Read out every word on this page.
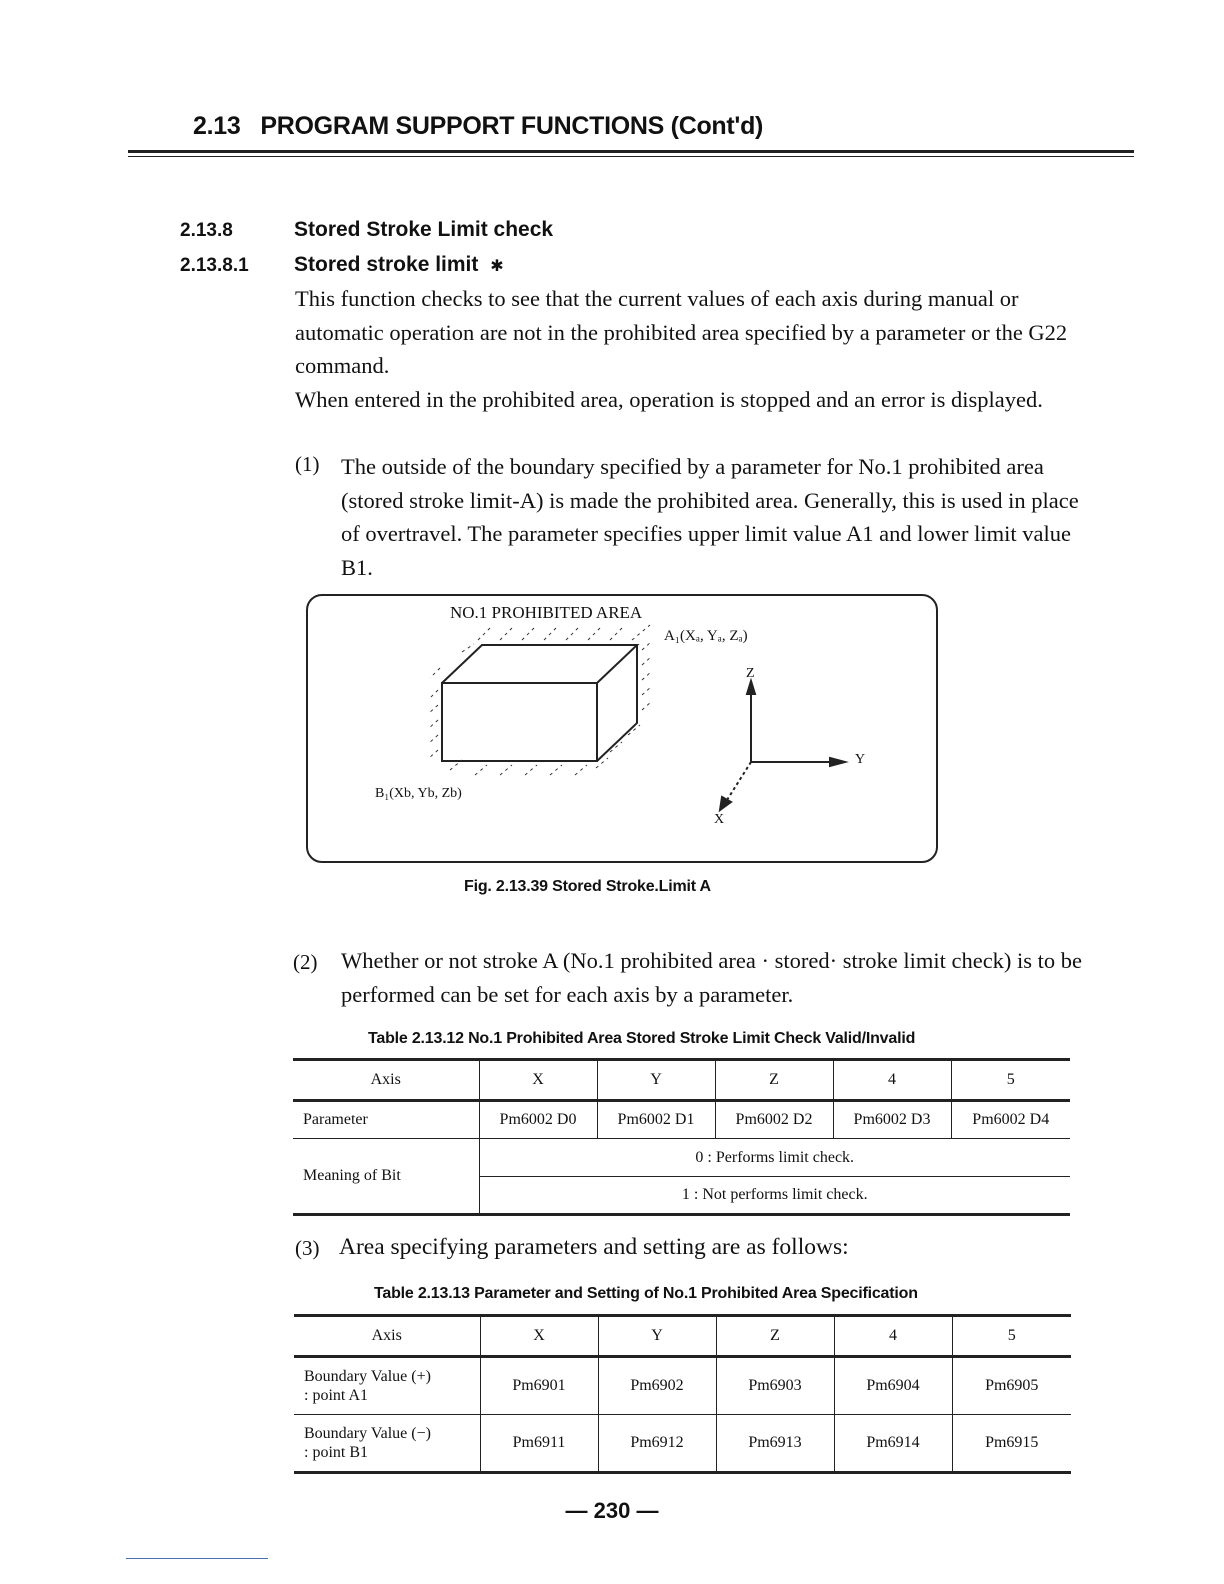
2.13 PROGRAM SUPPORT FUNCTIONS (Cont'd)
2.13.8	Stored Stroke Limit check
2.13.8.1 Stored stroke limit ✱
This function checks to see that the current values of each axis during manual or automatic operation are not in the prohibited area specified by a parameter or the G22 command.
When entered in the prohibited area, operation is stopped and an error is displayed.
(1) The outside of the boundary specified by a parameter for No.1 prohibited area (stored stroke limit-A) is made the prohibited area. Generally, this is used in place of overtravel. The parameter specifies upper limit value A1 and lower limit value B1.
NO.1 PROHIBITED AREA
A₁(Xₐ, Yₐ, Zₐ)
B₁(Xb, Yb, Zb)
Z
Y
X
Fig. 2.13.39 Stored Stroke.Limit A
(2) Whether or not stroke A (No.1 prohibited area · stored· stroke limit check) is to be performed can be set for each axis by a parameter.
Table 2.13.12 No.1 Prohibited Area Stored Stroke Limit Check Valid/Invalid
Axis	X	Y	Z	4	5
Parameter	Pm6002 D0	Pm6002 D1	Pm6002 D2	Pm6002 D3	Pm6002 D4
Meaning of Bit	0 : Performs limit check.				
	1 : Not performs limit check.				
(3) Area specifying parameters and setting are as follows:
Table 2.13.13 Parameter and Setting of No.1 Prohibited Area Specification
Axis	X	Y	Z	4	5

Boundary Value (+)
: point A1	Pm6901	Pm6902	Pm6903	Pm6904	Pm6905

Boundary Value (−)
: point B1	Pm6911	Pm6912	Pm6913	Pm6914	Pm6915
— 230 —
